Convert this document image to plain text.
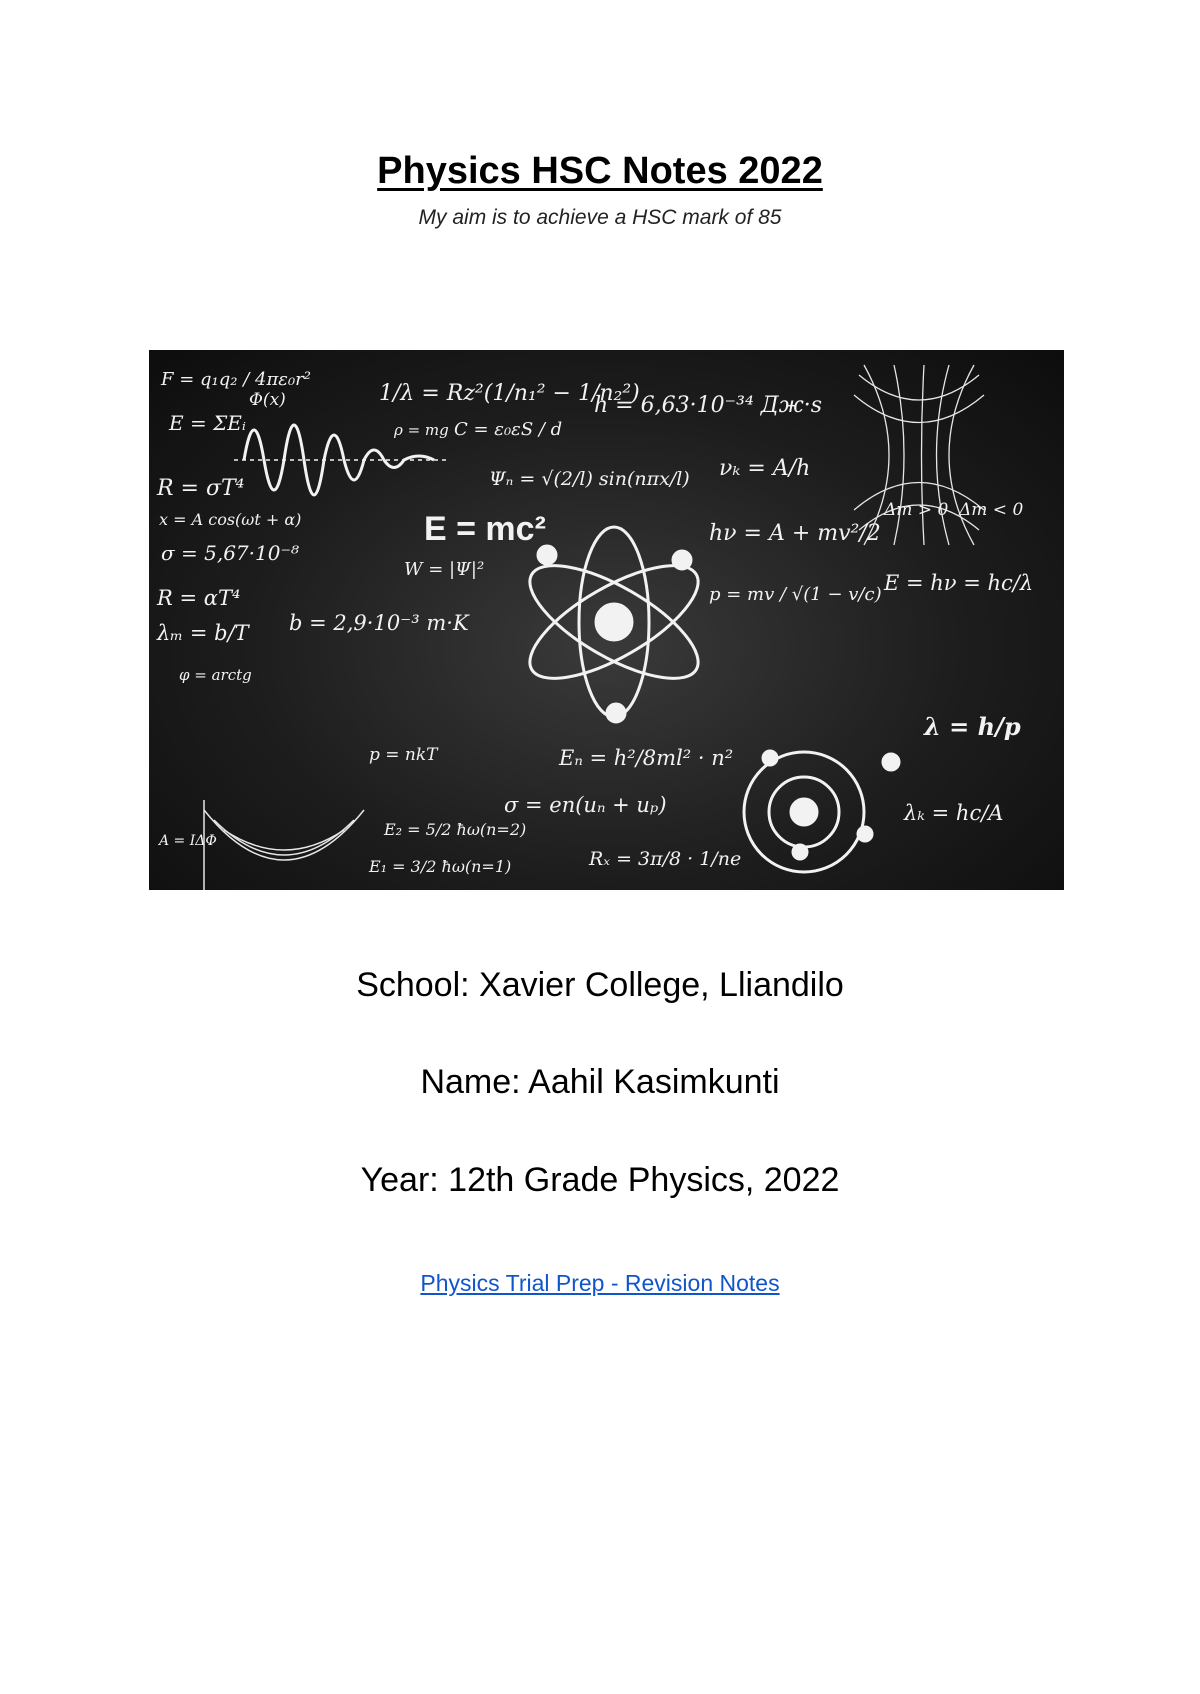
Physics HSC Notes 2022
My aim is to achieve a HSC mark of 85
F = q₁q₂ / 4πε₀r²
Φ(x)	1/λ = Rz²(1/n₁² − 1/n₂²)
h = 6,63·10⁻³⁴ Дж·s
E = ΣEᵢ	ρ = mg C = ε₀εS / d
R = σT⁴	Ψₙ = √(2/l) sin(nπx/l) νₖ = A/h
E = mc²
x = A cos(ωt + α)
σ = 5,67·10⁻⁸
hν = A + mv²/2
Δm > 0 Δm < 0
R = αT⁴
W = |Ψ|²
E = hν = hc/λ
λₘ = b/T b = 2,9·10⁻³ m·K
p = mv / √(1 − v/c)
φ = arctg
Eₙ = h²/8ml² · n²
λ = h/p
p = nkT
σ = en(uₙ + uₚ)	λₖ = hc/A
E₂ = 5/2 ħω(n=2)
Rₓ = 3π/8 · 1/ne
E₁ = 3/2 ħω(n=1)
A = IΔΦ
School: Xavier College, Lliandilo
Name: Aahil Kasimkunti
Year: 12th Grade Physics, 2022
Physics Trial Prep - Revision Notes
